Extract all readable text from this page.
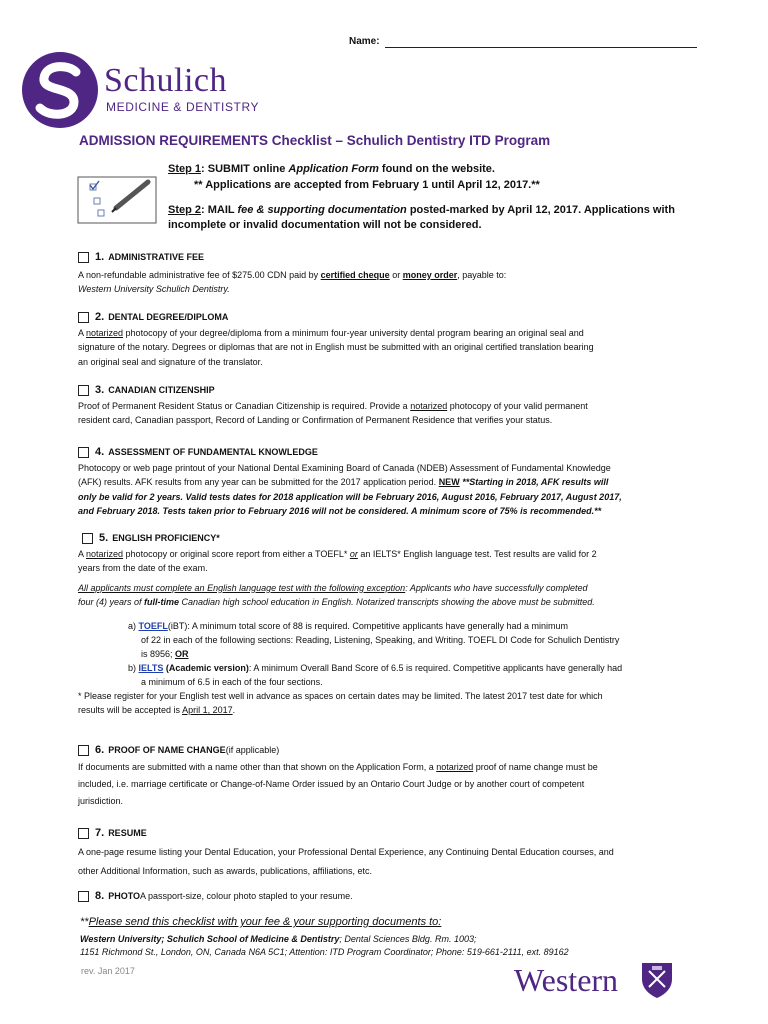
Name:
Schulich
MEDICINE & DENTISTRY
ADMISSION REQUIREMENTS Checklist – Schulich Dentistry ITD Program
Step 1: SUBMIT online Application Form found on the website.
** Applications are accepted from February 1 until April 12, 2017.**
Step 2: MAIL fee & supporting documentation posted-marked by April 12, 2017. Applications with
incomplete or invalid documentation will not be considered.
1. ADMINISTRATIVE FEE

A non-refundable administrative fee of $275.00 CDN paid by certified cheque or money order, payable to:

Western University Schulich Dentistry.

2. DENTAL DEGREE/DIPLOMA

A notarized photocopy of your degree/diploma from a minimum four-year university dental program bearing an original seal and

signature of the notary. Degrees or diplomas that are not in English must be submitted with an original certified translation bearing

an original seal and signature of the translator.

3. CANADIAN CITIZENSHIP

Proof of Permanent Resident Status or Canadian Citizenship is required. Provide a notarized photocopy of your valid permanent

resident card, Canadian passport, Record of Landing or Confirmation of Permanent Residence that verifies your status.

4. ASSESSMENT OF FUNDAMENTAL KNOWLEDGE

Photocopy or web page printout of your National Dental Examining Board of Canada (NDEB) Assessment of Fundamental Knowledge

(AFK) results. AFK results from any year can be submitted for the 2017 application period. NEW **Starting in 2018, AFK results will

only be valid for 2 years. Valid tests dates for 2018 application will be February 2016, August 2016, February 2017, August 2017,

and February 2018. Tests taken prior to February 2016 will not be considered. A minimum score of 75% is recommended.**

5. ENGLISH PROFICIENCY*

A notarized photocopy or original score report from either a TOEFL* or an IELTS* English language test. Test results are valid for 2

years from the date of the exam.

All applicants must complete an English language test with the following exception: Applicants who have successfully completed

four (4) years of full-time Canadian high school education in English. Notarized transcripts showing the above must be submitted.

a) TOEFL(iBT): A minimum total score of 88 is required. Competitive applicants have generally had a minimum

of 22 in each of the following sections: Reading, Listening, Speaking, and Writing. TOEFL DI Code for Schulich Dentistry

is 8956; OR

b) IELTS (Academic version): A minimum Overall Band Score of 6.5 is required. Competitive applicants have generally had

a minimum of 6.5 in each of the four sections.

* Please register for your English test well in advance as spaces on certain dates may be limited. The latest 2017 test date for which

results will be accepted is April 1, 2017.

6. PROOF OF NAME CHANGE (if applicable)

If documents are submitted with a name other than that shown on the Application Form, a notarized proof of name change must be

included, i.e. marriage certificate or Change-of-Name Order issued by an Ontario Court Judge or by another court of competent

jurisdiction.

7. RESUME

A one-page resume listing your Dental Education, your Professional Dental Experience, any Continuing Dental Education courses, and

other Additional Information, such as awards, publications, affiliations, etc.

8. PHOTO A passport-size, colour photo stapled to your resume.
**Please send this checklist with your fee & your supporting documents to:
Western University; Schulich School of Medicine & Dentistry; Dental Sciences Bldg. Rm. 1003;
1151 Richmond St., London, ON, Canada N6A 5C1; Attention: ITD Program Coordinator; Phone: 519-661-2111, ext. 89162
rev. Jan 2017	Western
